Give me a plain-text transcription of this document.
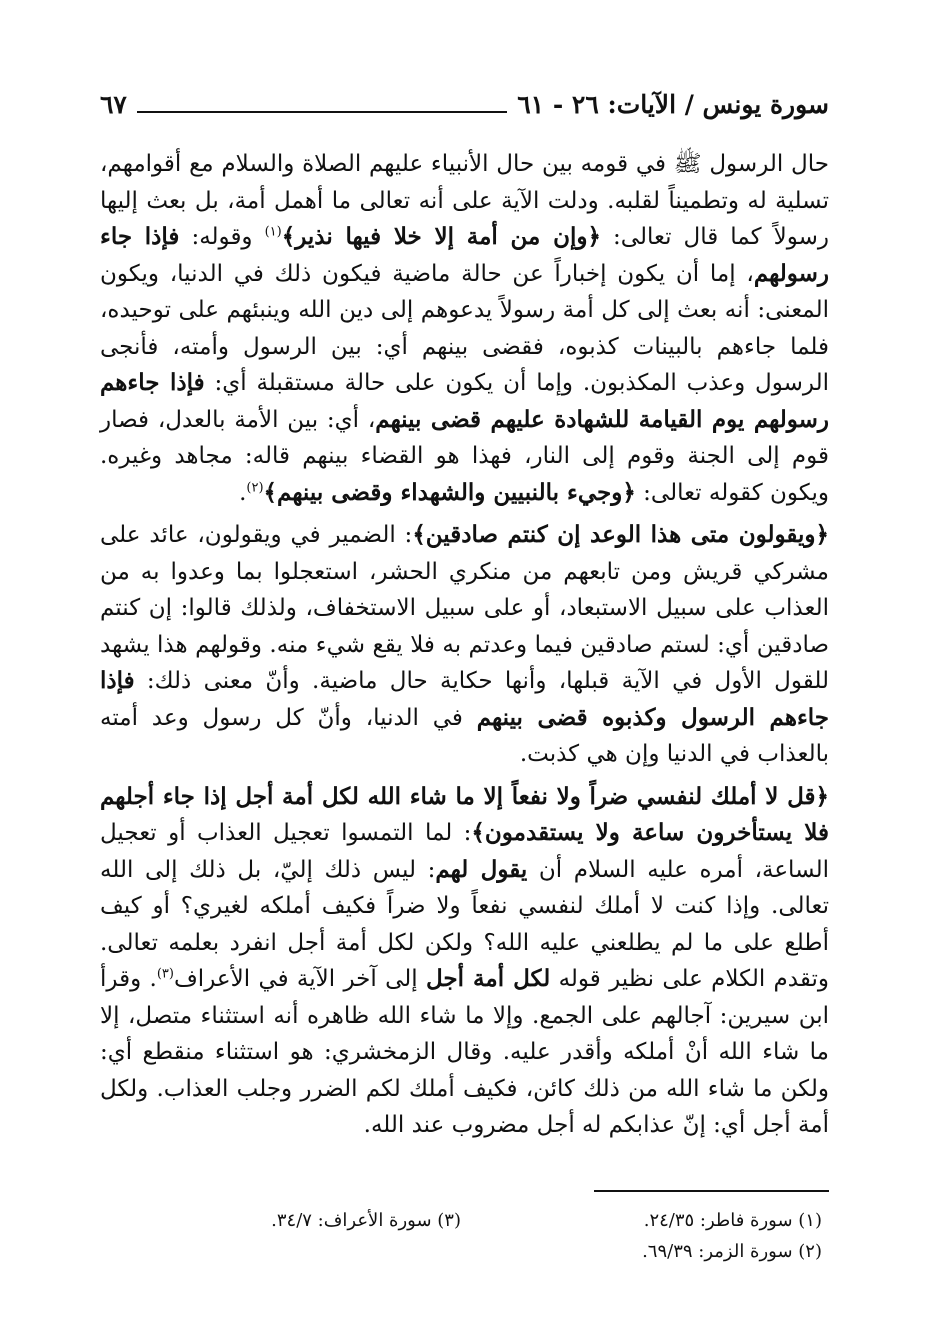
سورة يونس / الآيات: ٢٦ - ٦١
٦٧

حال الرسول ﷺ في قومه بين حال الأنبياء عليهم الصلاة والسلام مع أقوامهم، تسلية له وتطميناً لقلبه. ودلت الآية على أنه تعالى ما أهمل أمة، بل بعث إليها رسولاً كما قال تعالى: ﴿وإن من أمة إلا خلا فيها نذير﴾$^{(١)}$ وقوله: فإذا جاء رسولهم، إما أن يكون إخباراً عن حالة ماضية فيكون ذلك في الدنيا، ويكون المعنى: أنه بعث إلى كل أمة رسولاً يدعوهم إلى دين الله وينبئهم على توحيده، فلما جاءهم بالبينات كذبوه، فقضى بينهم أي: بين الرسول وأمته، فأنجى الرسول وعذب المكذبون. وإما أن يكون على حالة مستقبلة أي: فإذا جاءهم رسولهم يوم القيامة للشهادة عليهم قضى بينهم، أي: بين الأمة بالعدل، فصار قوم إلى الجنة وقوم إلى النار، فهذا هو القضاء بينهم قاله: مجاهد وغيره. ويكون كقوله تعالى: ﴿وجيء بالنبيين والشهداء وقضى بينهم﴾$^{(٢)}$.

﴿ويقولون متى هذا الوعد إن كنتم صادقين﴾: الضمير في ويقولون، عائد على مشركي قريش ومن تابعهم من منكري الحشر، استعجلوا بما وعدوا به من العذاب على سبيل الاستبعاد، أو على سبيل الاستخفاف، ولذلك قالوا: إن كنتم صادقين أي: لستم صادقين فيما وعدتم به فلا يقع شيء منه. وقولهم هذا يشهد للقول الأول في الآية قبلها، وأنها حكاية حال ماضية. وأنّ معنى ذلك: فإذا جاءهم الرسول وكذبوه قضى بينهم في الدنيا، وأنّ كل رسول وعد أمته بالعذاب في الدنيا وإن هي كذبت.

﴿قل لا أملك لنفسي ضراً ولا نفعاً إلا ما شاء الله لكل أمة أجل إذا جاء أجلهم فلا يستأخرون ساعة ولا يستقدمون﴾: لما التمسوا تعجيل العذاب أو تعجيل الساعة، أمره عليه السلام أن يقول لهم: ليس ذلك إليّ، بل ذلك إلى الله تعالى. وإذا كنت لا أملك لنفسي نفعاً ولا ضراً فكيف أملكه لغيري؟ أو كيف أطلع على ما لم يطلعني عليه الله؟ ولكن لكل أمة أجل انفرد بعلمه تعالى. وتقدم الكلام على نظير قوله لكل أمة أجل إلى آخر الآية في الأعراف$^{(٣)}$. وقرأ ابن سيرين: آجالهم على الجمع. وإلا ما شاء الله ظاهره أنه استثناء متصل، إلا ما شاء الله أنْ أملكه وأقدر عليه. وقال الزمخشري: هو استثناء منقطع أي: ولكن ما شاء الله من ذلك كائن، فكيف أملك لكم الضرر وجلب العذاب. ولكل أمة أجل أي: إنّ عذابكم له أجل مضروب عند الله.

(١) سورة فاطر: ٢٤/٣٥.
(٣) سورة الأعراف: ٣٤/٧.
(٢) سورة الزمر: ٦٩/٣٩.
